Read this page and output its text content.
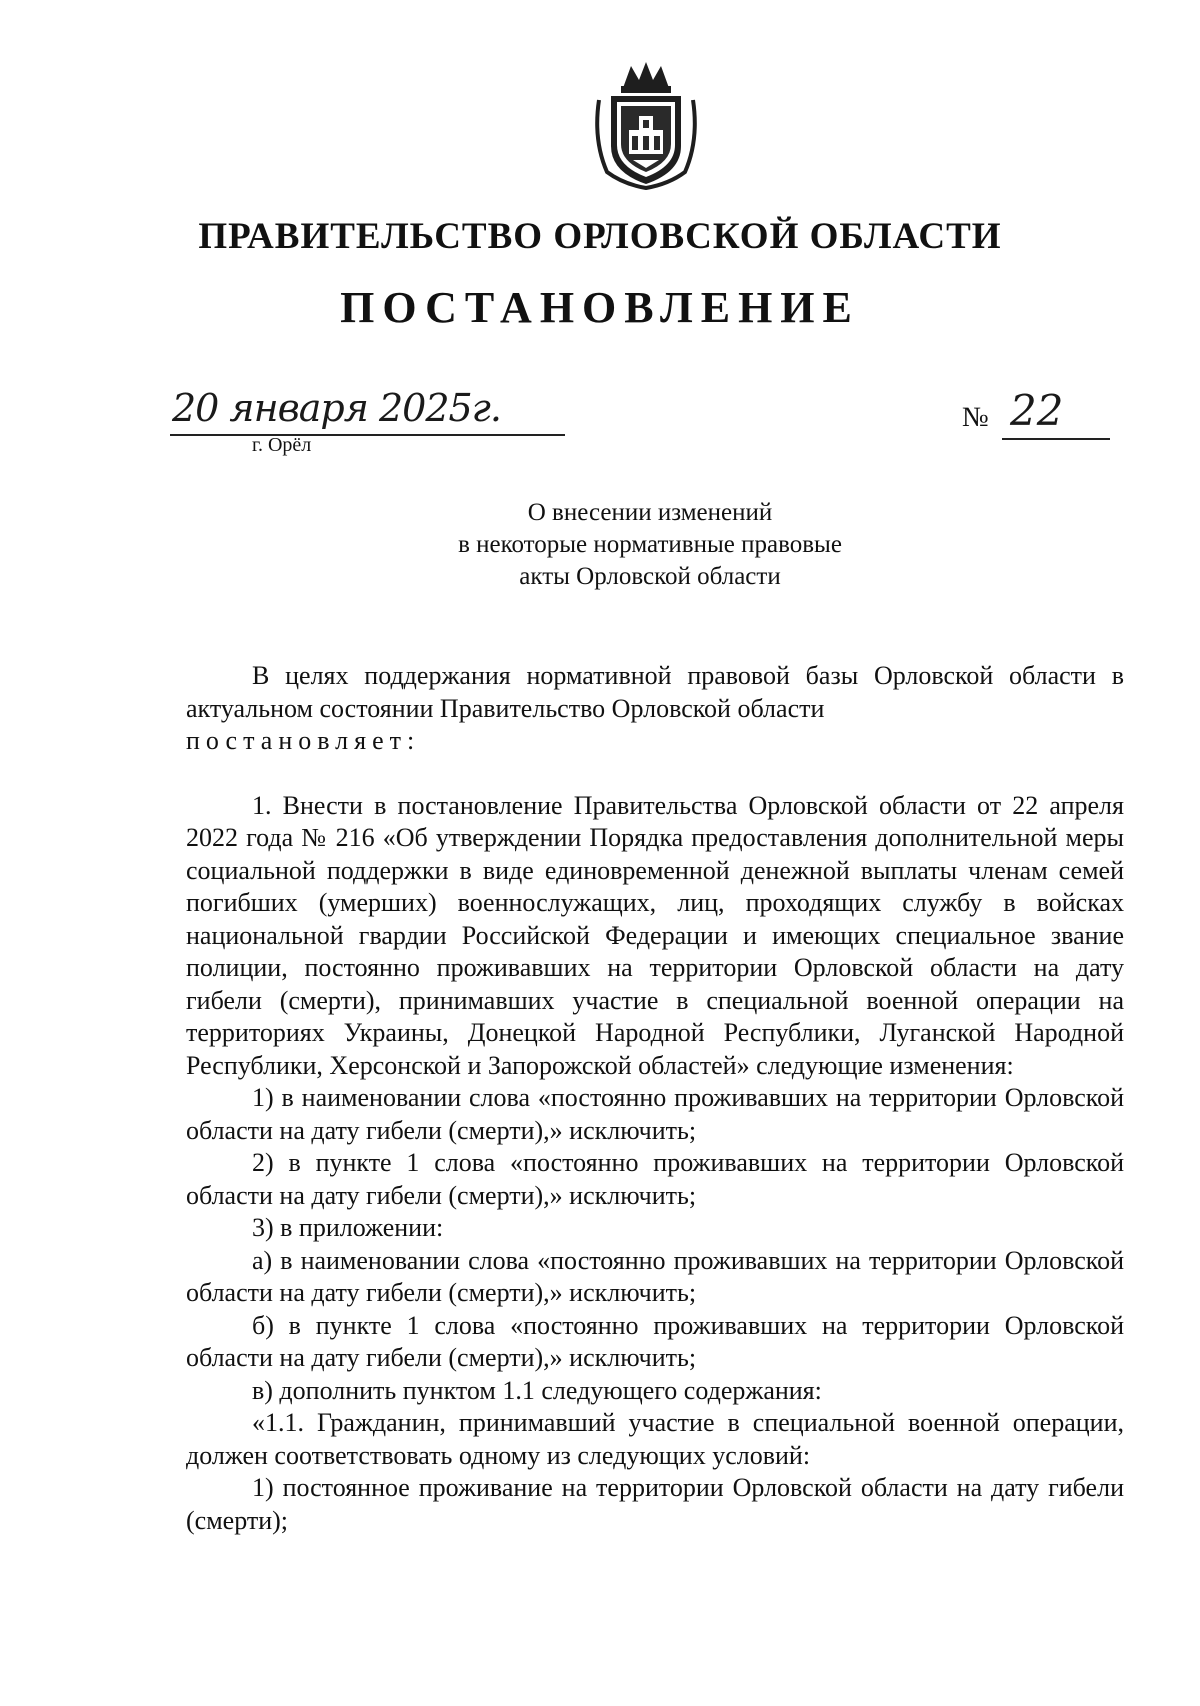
ПРАВИТЕЛЬСТВО ОРЛОВСКОЙ ОБЛАСТИ
ПОСТАНОВЛЕНИЕ
20 января 2025г.
г. Орёл
№ 22
О внесении изменений
в некоторые нормативные правовые
акты Орловской области

В целях поддержания нормативной правовой базы Орловской области в актуальном состоянии Правительство Орловской области

постановляет:

1. Внести в постановление Правительства Орловской области от 22 апреля 2022 года № 216 «Об утверждении Порядка предоставления дополнительной меры социальной поддержки в виде единовременной денежной выплаты членам семей погибших (умерших) военнослужащих, лиц, проходящих службу в войсках национальной гвардии Российской Федерации и имеющих специальное звание полиции, постоянно проживавших на территории Орловской области на дату гибели (смерти), принимавших участие в специальной военной операции на территориях Украины, Донецкой Народной Республики, Луганской Народной Республики, Херсонской и Запорожской областей» следующие изменения:

1) в наименовании слова «постоянно проживавших на территории Орловской области на дату гибели (смерти),» исключить;

2) в пункте 1 слова «постоянно проживавших на территории Орловской области на дату гибели (смерти),» исключить;

3) в приложении:

а) в наименовании слова «постоянно проживавших на территории Орловской области на дату гибели (смерти),» исключить;

б) в пункте 1 слова «постоянно проживавших на территории Орловской области на дату гибели (смерти),» исключить;

в) дополнить пунктом 1.1 следующего содержания:

«1.1. Гражданин, принимавший участие в специальной военной операции, должен соответствовать одному из следующих условий:

1) постоянное проживание на территории Орловской области на дату гибели (смерти);
